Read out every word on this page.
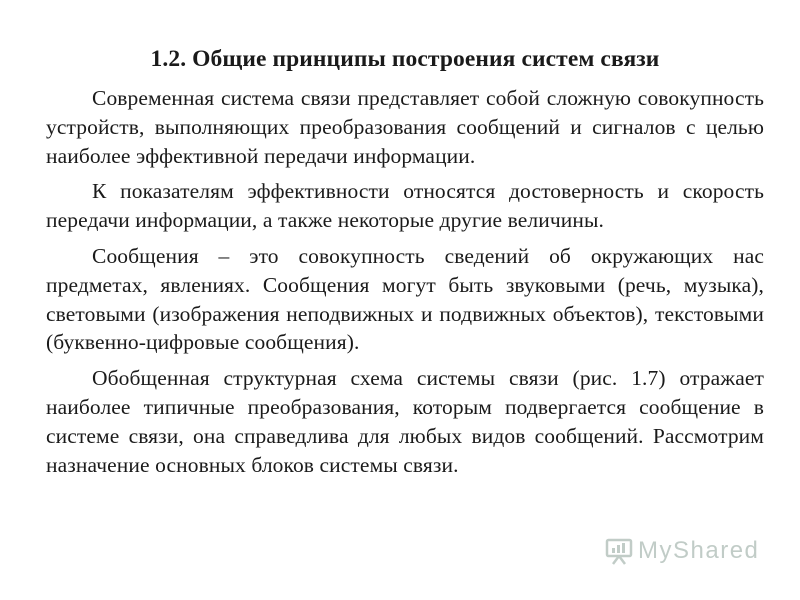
1.2. Общие принципы построения систем связи

Современная система связи представляет собой сложную совокупность устройств, выполняющих преобразования сообщений и сигналов с целью наиболее эффективной передачи информации.

К показателям эффективности относятся достоверность и скорость передачи информации, а также некоторые другие величины.

Сообщения – это совокупность сведений об окружающих нас предметах, явлениях. Сообщения могут быть звуковыми (речь, музыка), световыми (изображения неподвижных и подвижных объектов), текстовыми (буквенно-цифровые сообщения).

Обобщенная структурная схема системы связи (рис. 1.7) отражает наиболее типичные преобразования, которым подвергается сообщение в системе связи, она справедлива для любых видов сообщений. Рассмотрим назначение основных блоков системы связи.

MyShared
